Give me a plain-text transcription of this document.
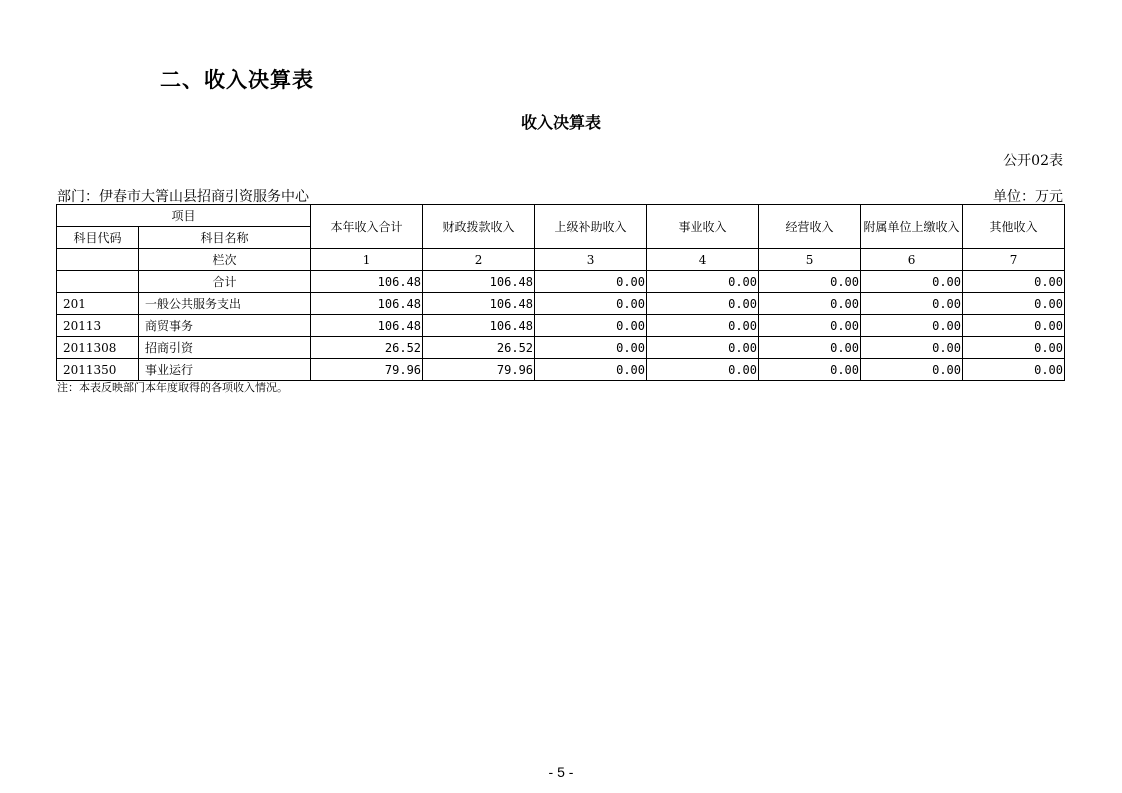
二、收入决算表
收入决算表
公开02表
部门：伊春市大箐山县招商引资服务中心	单位：万元
项目		本年收入合计	财政拨款收入	上级补助收入	事业收入	经营收入	附属单位上缴收入	其他收入
科目代码	科目名称							
	栏次	1	2	3	4	5	6	7
	合计	106.48	106.48	0.00	0.00	0.00	0.00	0.00
201	一般公共服务支出	106.48	106.48	0.00	0.00	0.00	0.00	0.00
20113	商贸事务	106.48	106.48	0.00	0.00	0.00	0.00	0.00
2011308	招商引资	26.52	26.52	0.00	0.00	0.00	0.00	0.00
2011350	事业运行	79.96	79.96	0.00	0.00	0.00	0.00	0.00
注：本表反映部门本年度取得的各项收入情况。
- 5 -
